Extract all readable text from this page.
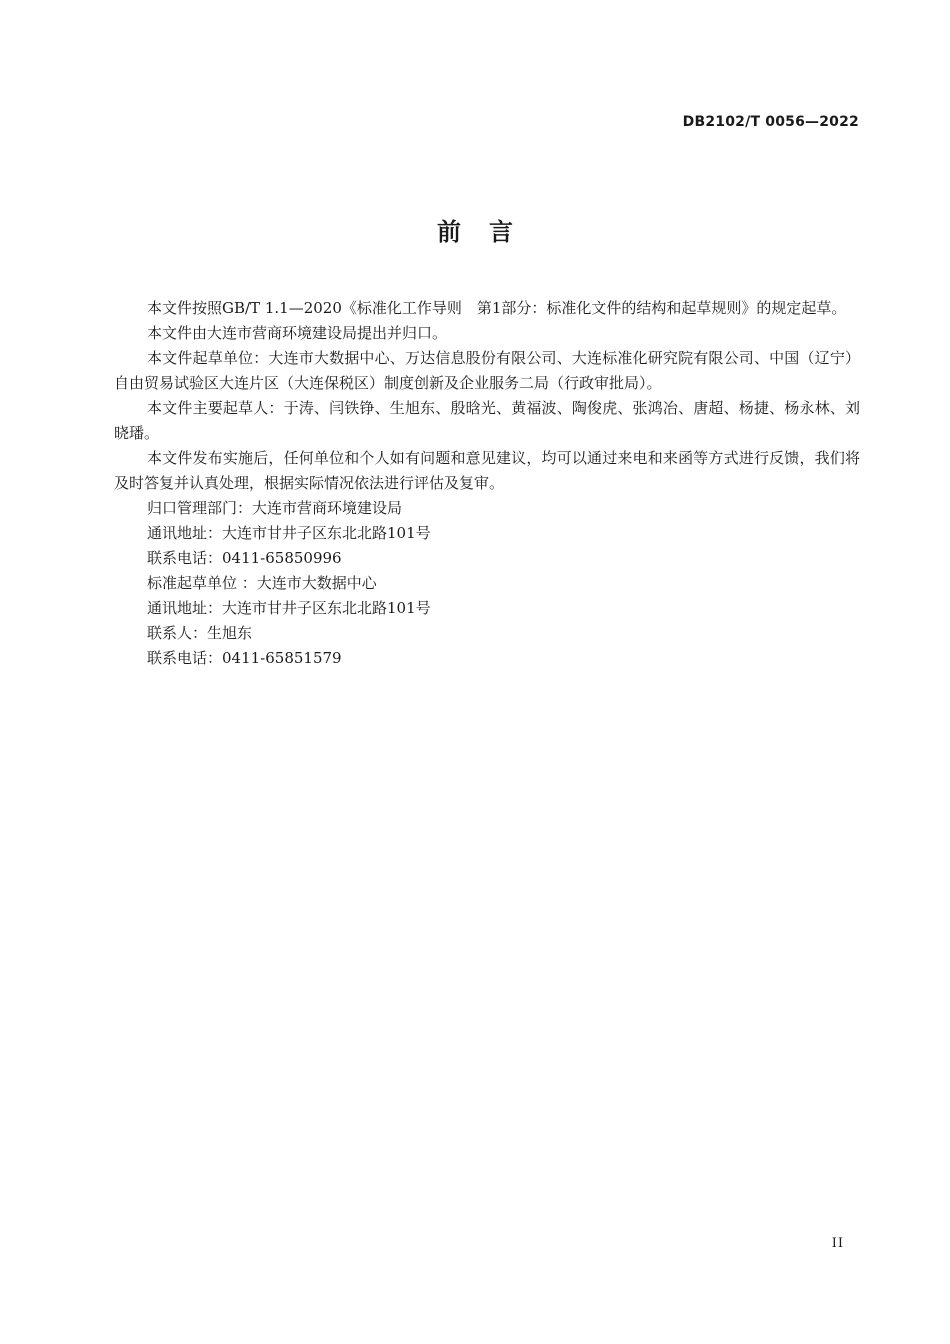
DB2102/T 0056—2022
前言

本文件按照GB/T 1.1—2020《标准化工作导则　第1部分：标准化文件的结构和起草规则》的规定起草。

本文件由大连市营商环境建设局提出并归口。

本文件起草单位：大连市大数据中心、万达信息股份有限公司、大连标准化研究院有限公司、中国（辽宁）自由贸易试验区大连片区（大连保税区）制度创新及企业服务二局（行政审批局）。

本文件主要起草人：于涛、闫铁铮、生旭东、殷晗光、黄福波、陶俊虎、张鸿冶、唐超、杨捷、杨永林、刘晓璠。

本文件发布实施后，任何单位和个人如有问题和意见建议，均可以通过来电和来函等方式进行反馈，我们将及时答复并认真处理，根据实际情况依法进行评估及复审。

归口管理部门：大连市营商环境建设局

通讯地址：大连市甘井子区东北北路101号

联系电话：0411-65850996

标准起草单位 ：大连市大数据中心

通讯地址：大连市甘井子区东北北路101号

联系人：生旭东

联系电话：0411-65851579

II
